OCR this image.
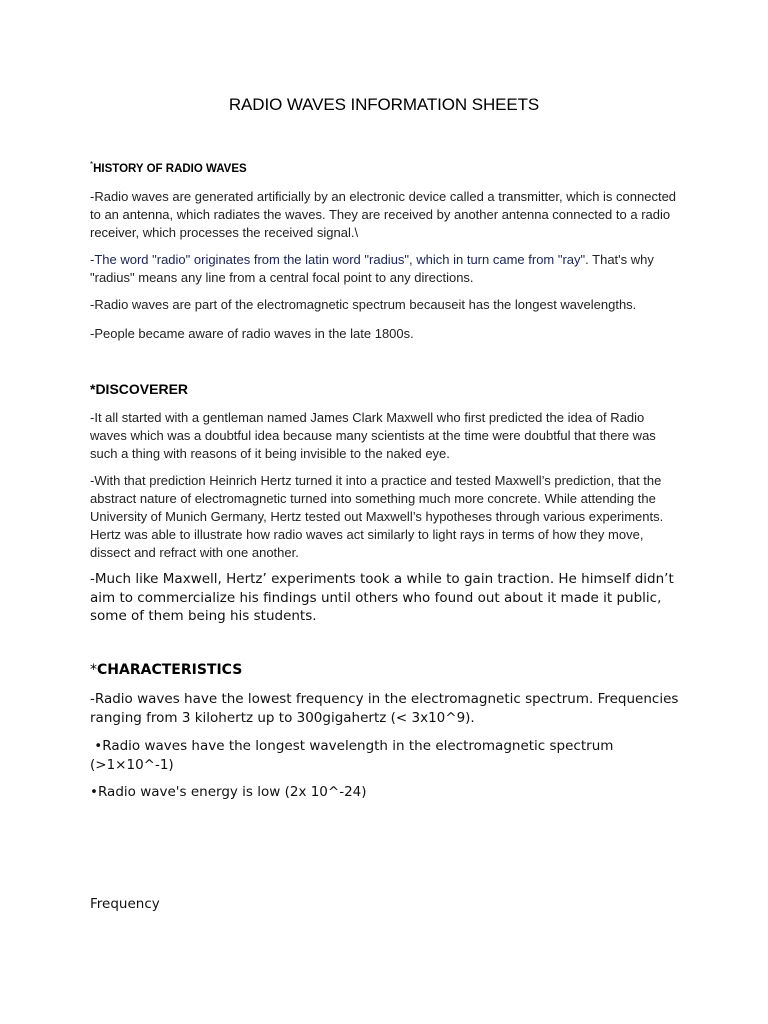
RADIO WAVES INFORMATION SHEETS
*HISTORY OF RADIO WAVES

-Radio waves are generated artificially by an electronic device called a transmitter, which is connected to an antenna, which radiates the waves. They are received by another antenna connected to a radio receiver, which processes the received signal.\

-The word "radio" originates from the latin word "radius", which in turn came from "ray". That's why "radius" means any line from a central focal point to any directions.

-Radio waves are part of the electromagnetic spectrum becauseit has the longest wavelengths.

-People became aware of radio waves in the late 1800s.

*DISCOVERER

-It all started with a gentleman named James Clark Maxwell who first predicted the idea of Radio waves which was a doubtful idea because many scientists at the time were doubtful that there was such a thing with reasons of it being invisible to the naked eye.

-With that prediction Heinrich Hertz turned it into a practice and tested Maxwell’s prediction, that the abstract nature of electromagnetic turned into something much more concrete. While attending the University of Munich Germany, Hertz tested out Maxwell’s hypotheses through various experiments. Hertz was able to illustrate how radio waves act similarly to light rays in terms of how they move, dissect and refract with one another.

-Much like Maxwell, Hertz’ experiments took a while to gain traction. He himself didn’t aim to commercialize his findings until others who found out about it made it public, some of them being his students.

*CHARACTERISTICS

-Radio waves have the lowest frequency in the electromagnetic spectrum. Frequencies ranging from 3 kilohertz up to 300gigahertz (< 3x10^9).

•Radio waves have the longest wavelength in the electromagnetic spectrum (>1×10^-1)

•Radio wave's energy is low (2x 10^-24)

Frequency
